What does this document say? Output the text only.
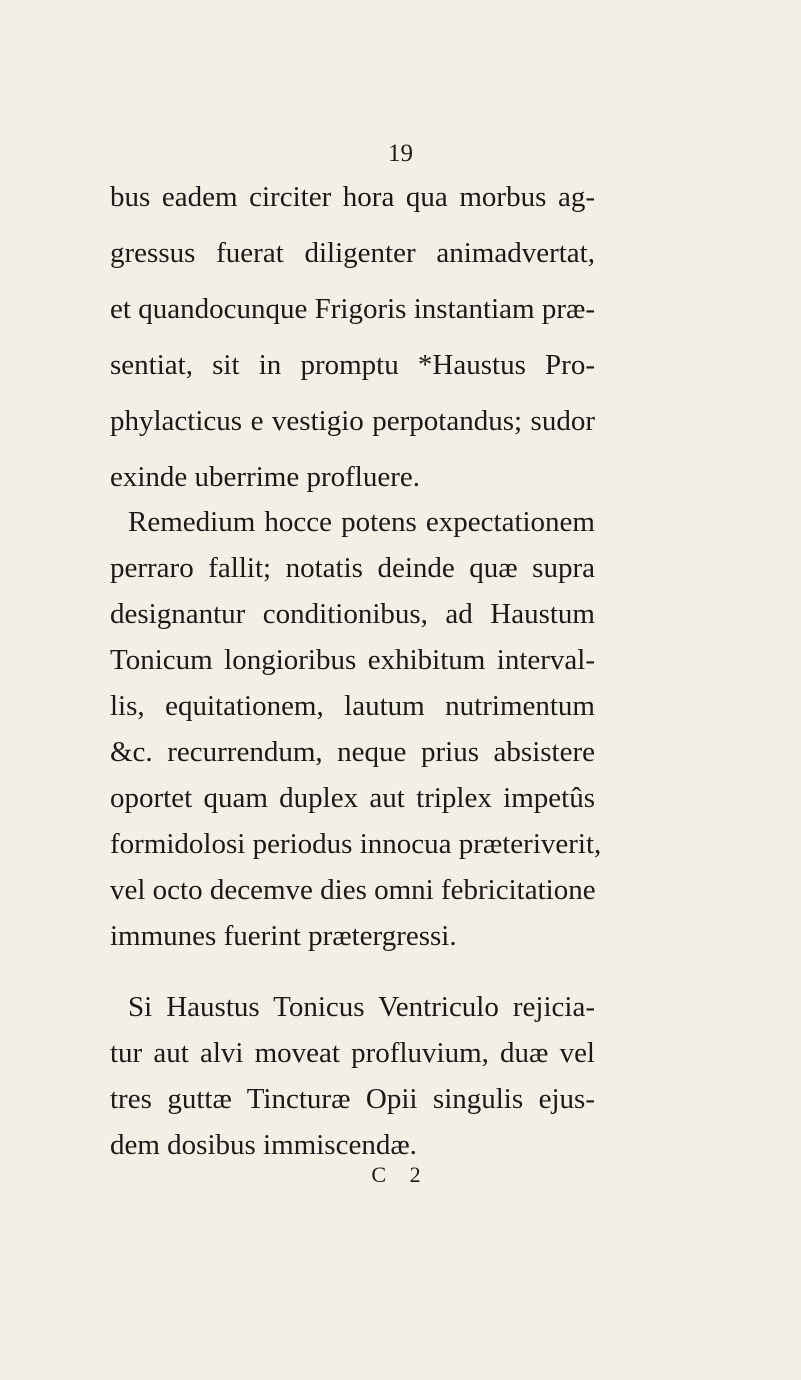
19
bus eadem circiter hora qua morbus ag-
gressus fuerat diligenter animadvertat,
et quandocunque Frigoris instantiam præ-
sentiat, sit in promptu *Haustus Pro-
phylacticus e vestigio perpotandus; sudor
exinde uberrime profluere.
Remedium hocce potens expectationem
perraro fallit; notatis deinde quæ supra
designantur conditionibus, ad Haustum
Tonicum longioribus exhibitum interval-
lis, equitationem, lautum nutrimentum
&c. recurrendum, neque prius absistere
oportet quam duplex aut triplex impetûs
formidolosi periodus innocua præteriverit,
vel octo decemve dies omni febricitatione
immunes fuerint prætergressi.
Si Haustus Tonicus Ventriculo rejicia-
tur aut alvi moveat profluvium, duæ vel
tres guttæ Tincturæ Opii singulis ejus-
dem dosibus immiscendæ.
C 2
